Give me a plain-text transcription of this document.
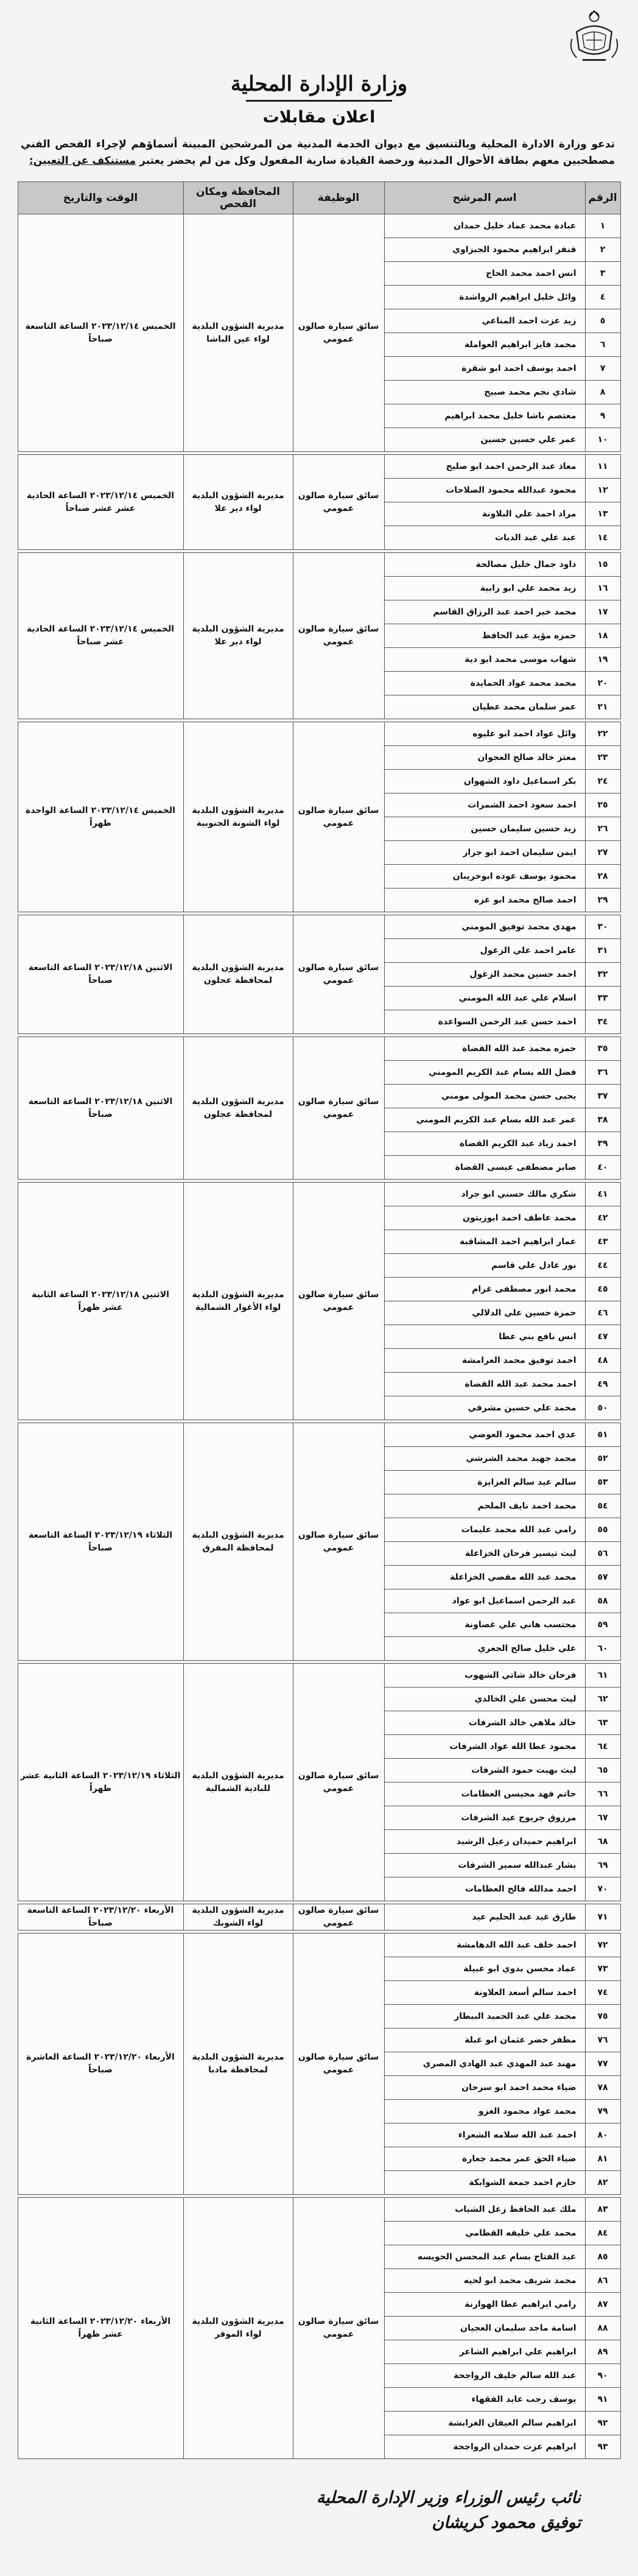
وزارة الإدارة المحلية
اعلان مقابلات
تدعو وزارة الادارة المحلية وبالتنسيق مع ديوان الخدمة المدنية من المرشحين المبينة أسماؤهم لإجراء الفحص الفني مصطحبين معهم بطاقة الأحوال المدنية ورخصة القيادة سارية المفعول وكل من لم يحضر يعتبر مستنكف عن التعيين:
الرقم	اسم المرشح	الوظيفة	المحافظة ومكان الفحص	الوقت والتاريخ
١	عبادة محمد عماد خليل حمدان	سائق سيارة صالون عمومي	مديرية الشؤون البلدية لواء عين الباشا	الخميس ٢٠٢٣/١٢/١٤ الساعة التاسعة صباحاً
٢	قنفر ابراهيم محمود الجبزاوي			
٣	انس احمد محمد الحاج			
٤	وائل خليل ابراهيم الرواشدة			
٥	زيد عزت احمد المناعي			
٦	محمد فايز ابراهيم العواملة			
٧	احمد يوسف احمد ابو شقرة			
٨	شادي نجم محمد صبيح			
٩	معتصم باشا خليل محمد ابراهيم			
١٠	عمر علي حسين حسين			

١١	معاذ عبد الرحمن احمد ابو صليح	سائق سيارة صالون عمومي	مديرية الشؤون البلدية لواء دير علا	الخميس ٢٠٢٣/١٢/١٤ الساعة الحادية عشر عشر صباحاً
١٢	محمود عبدالله محمود الصلاحات			
١٣	مراد احمد علي البلاونة			
١٤	عبد علي عبد الدبات			

١٥	داود جمال خليل مصالحة	سائق سيارة صالون عمومي	مديرية الشؤون البلدية لواء دير علا	الخميس ٢٠٢٣/١٢/١٤ الساعة الحادية عشر صباحاً
١٦	زيد محمد علي ابو رابية			
١٧	محمد خير احمد عبد الرزاق القاسم			
١٨	حمزه مؤيد عبد الحافظ			
١٩	شهاب موسى محمد ابو دية			
٢٠	محمد محمد عواد الحمايدة			
٢١	عمر سلمان محمد عطيان			

٢٢	وائل عواد احمد ابو عليوه	سائق سيارة صالون عمومي	مديرية الشؤون البلدية لواء الشونة الجنوبية	الخميس ٢٠٢٣/١٢/١٤ الساعة الواحدة ظهراً
٢٣	معتز خالد صالح العجوان			
٢٤	بكر اسماعيل داود الشهوان			
٢٥	احمد سعود احمد الشمرات			
٢٦	زيد حسين سليمان حسين			
٢٧	ايمن سليمان احمد ابو جرار			
٢٨	محمود يوسف عوده ابوخريبان			
٢٩	احمد صالح محمد ابو غزه			

٣٠	مهدي محمد توفيق المومني	سائق سيارة صالون عمومي	مديرية الشؤون البلدية لمحافظة عجلون	الاثنين ٢٠٢٣/١٢/١٨ الساعة التاسعة صباحاً
٣١	عامر احمد علي الزغول			
٣٢	احمد حسين محمد الزغول			
٣٣	اسلام علي عبد الله المومني			
٣٤	احمد حسن عبد الرحمن السواعدة			

٣٥	حمزه محمد عبد الله القضاة	سائق سيارة صالون عمومي	مديرية الشؤون البلدية لمحافظة عجلون	الاثنين ٢٠٢٣/١٢/١٨ الساعة التاسعة صباحاً
٣٦	فضل الله بسام عبد الكريم المومني			
٣٧	يحيى حسن محمد المولى مومني			
٣٨	عمر عبد الله بسام عبد الكريم المومني			
٣٩	احمد زياد عبد الكريم القضاة			
٤٠	صابر مصطفى عيسى القضاة			

٤١	شكري مالك حسني ابو جراد	سائق سيارة صالون عمومي	مديرية الشؤون البلدية لواء الأغوار الشمالية	الاثنين ٢٠٢٣/١٢/١٨ الساعة الثانية عشر ظهراً
٤٢	محمد عاطف احمد ابوزيتون			
٤٣	عمار ابراهيم احمد المشاقبة			
٤٤	نور عادل علي قاسم			
٤٥	محمد انور مصطفى غرام			
٤٦	حمزة حسين علي الدلالي			
٤٧	انس نافع بني عطا			
٤٨	احمد توفيق محمد العرامشة			
٤٩	احمد محمد عبد الله القضاة			
٥٠	محمد علي حسين مشرقي			

٥١	عدي احمد محمود العوضي	سائق سيارة صالون عمومي	مديرية الشؤون البلدية لمحافظة المفرق	الثلاثاء ٢٠٢٣/١٢/١٩ الساعة التاسعة صباحاً
٥٢	محمد جهيد محمد الشرشي			
٥٣	سالم عيد سالم العزايزة			
٥٤	محمد احمد نايف الملحم			
٥٥	رامي عبد الله محمد عليمات			
٥٦	ليث تيسير فرحان الخزاعلة			
٥٧	محمد عبد الله مفضي الخزاعلة			
٥٨	عبد الرحمن اسماعيل ابو عواد			
٥٩	محتسب هاني علي غصاونة			
٦٠	علي خليل صالح الجعري			

٦١	فرحان خالد شاتي الشهوب	سائق سيارة صالون عمومي	مديرية الشؤون البلدية للبادية الشمالية	الثلاثاء ٢٠٢٣/١٢/١٩ الساعة الثانية عشر ظهراً
٦٢	ليث محسن علي الخالدي			
٦٣	خالد ملاهي خالد الشرفات			
٦٤	محمود عطا الله عواد الشرفات			
٦٥	ليث بهيت حمود الشرفات			
٦٦	حاتم فهد محيسن العظامات			
٦٧	مرزوق جريوح عيد الشرفات			
٦٨	ابراهيم حميدان زعيل الرشيد			
٦٩	بشار عبدالله سمير الشرفات			
٧٠	احمد مدالله فالح العظامات			

٧١	طارق عيد عبد الحليم عيد	سائق سيارة صالون عمومي	مديرية الشؤون البلدية لواء الشوبك	الأربعاء ٢٠٢٣/١٢/٢٠ الساعة التاسعة صباحاً

٧٢	احمد خلف عبد الله الدهامشة	سائق سيارة صالون عمومي	مديرية الشؤون البلدية لمحافظة مادبا	الأربعاء ٢٠٢٣/١٢/٢٠ الساعة العاشرة صباحاً
٧٣	عماد محسن بدوي ابو عبيلة			
٧٤	احمد سالم أسعد العلاونة			
٧٥	محمد علي عبد الحميد البيطار			
٧٦	مظفر خضر عثمان ابو غبلة			
٧٧	مهند عبد المهدي عبد الهادي المصري			
٧٨	ضياء محمد احمد ابو سرحان			
٧٩	محمد عواد محمود الغزو			
٨٠	احمد عبد الله سلامه الشعراء			
٨١	ضياء الحق عمر محمد جعارة			
٨٢	حازم احمد جمعة الشوابكة			

٨٣	ملك عبد الحافظ زعل الشياب	سائق سيارة صالون عمومي	مديرية الشؤون البلدية لواء الموقر	الأربعاء ٢٠٢٣/١٢/٢٠ الساعة الثانية عشر ظهراً
٨٤	محمد علي خليفه القطامي			
٨٥	عبد الفتاح بسام عبد المحسن الحويسه			
٨٦	محمد شريف محمد ابو لحيه			
٨٧	رامي ابراهيم عطا الهوارنة			
٨٨	اسامة ماجد سليمان العجيان			
٨٩	ابراهيم علي ابراهيم الشاعر			
٩٠	عبد الله سالم خليف الرواجحة			
٩١	يوسف رجب عايد الفقهاء			
٩٢	ابراهيم سالم العيفان الغرابشة			
٩٣	ابراهيم عزت حمدان الرواجحة			
نائب رئيس الوزراء وزير الإدارة المحلية
توفيق محمود كريشان
